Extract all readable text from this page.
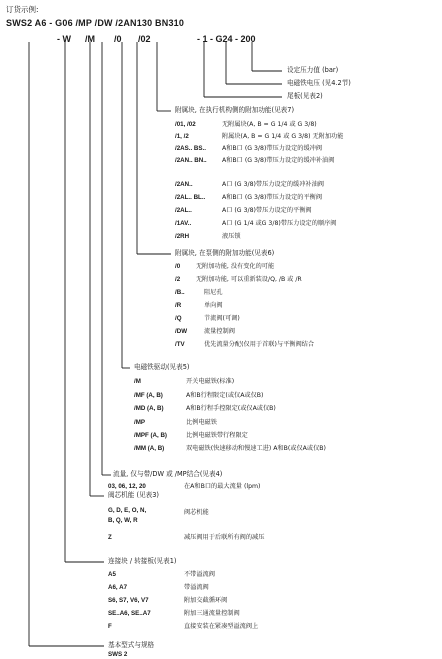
订货示例:
SWS2 A6 - G06 /MP /DW /2AN130 BN310
- W /M /0 /02	- 1 - G24 - 200
设定压力值 (bar)
电磁铁电压 (见4.2节)
尾板(见表2)
附属块, 在执行机构侧的附加功能(见表7)
/01, /02	无附属块(A, B = G 1/4 或 G 3/8)
/1, /2	附属块(A, B = G 1/4 或 G 3/8) 无附加功能
/2AS.. BS..	A和B口 (G 3/8)带压力设定的缓冲阀
/2AN.. BN.. A和B口 (G 3/8)带压力设定的缓冲补油阀
/2AN..	A口 (G 3/8)带压力设定的缓冲补油阀
/2AL.. BL..	A和B口 (G 3/8)带压力设定的平衡阀
/2AL..	A口 (G 3/8)带压力设定的平衡阀
/1AV..	A口 (G 1/4 或G 3/8)带压力设定的顺序阀
/2RH	液压锁
附属块, 在泵侧的附加功能(见表6)
/0	无附加功能, 没有变化的可能
/2	无附加功能, 可以重新装设/Q, /B 或 /R
/B..	阻尼孔
/R	单向阀
/Q	节流阀(可调)
/DW	流量控制阀
/TV	优先流量分配(仅用于首联)与平衡阀结合
电磁铁驱动(见表5)
/M	开关电磁铁(标准)
/MF (A, B)	A和B行程限定(或仅A或仅B)
/MD (A, B)	A和B行程手控限定(或仅A或仅B)
/MP	比例电磁铁
/MPF (A, B)	比例电磁铁带行程限定
/MM (A, B)	双电磁铁(快速移动和慢速工进) A和B(或仅A或仅B)
流量, 仅与带/DW 或 /MP结合(见表4)
03, 06, 12, 20	在A和B口的最大流量 (lpm)
阀芯机能 (见表3)
G, D, E, O, N,
B, Q, W, R
阀芯机能
Z	减压阀用于后联所有阀的减压
连接块 / 转接板(见表1)
A5	不带溢流阀
A6, A7	带溢流阀
S6, S7, V6, V7	附加交截循环阀
SE..A6, SE..A7	附加三通流量控制阀
F	直接安装在紧凑型溢流阀上
基本型式与规格
SWS 2
